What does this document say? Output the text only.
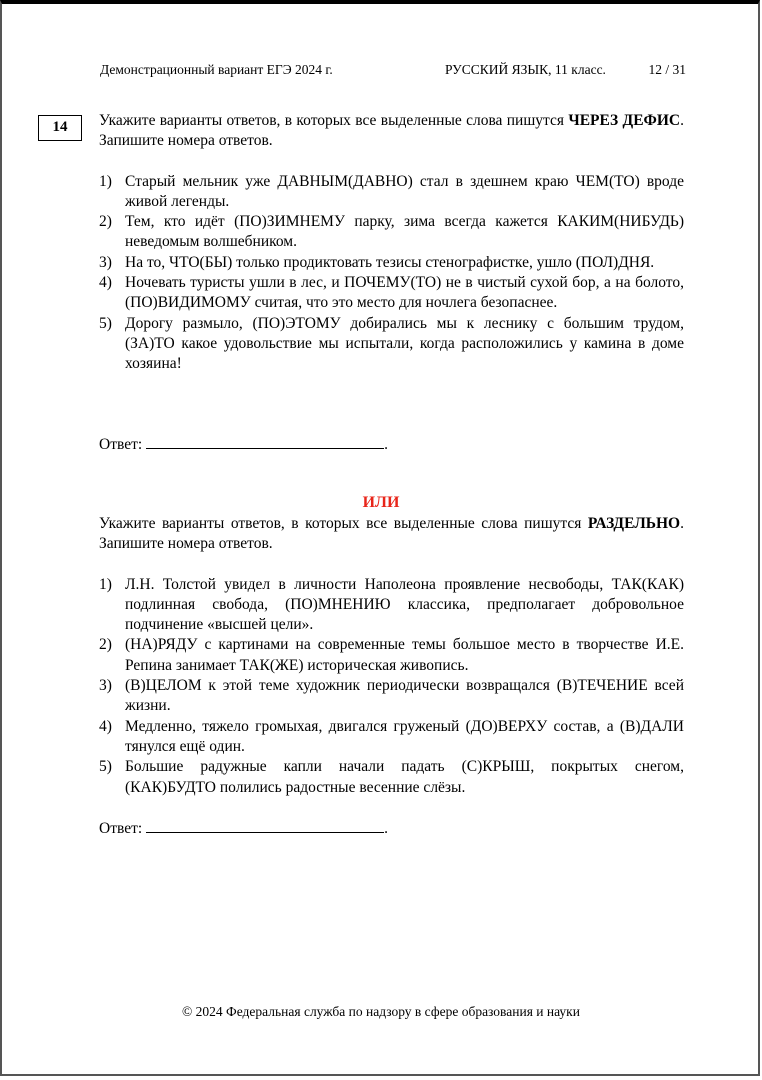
Демонстрационный вариант ЕГЭ 2024 г.	РУССКИЙ ЯЗЫК, 11 класс.	12 / 31
14	Укажите варианты ответов, в которых все выделенные слова пишутся ЧЕРЕЗ ДЕФИС. Запишите номера ответов.
1) Старый мельник уже ДАВНЫМ(ДАВНО) стал в здешнем краю ЧЕМ(ТО) вроде живой легенды.
2) Тем, кто идёт (ПО)ЗИМНЕМУ парку, зима всегда кажется КАКИМ(НИБУДЬ) неведомым волшебником.
3) На то, ЧТО(БЫ) только продиктовать тезисы стенографистке, ушло (ПОЛ)ДНЯ.
4) Ночевать туристы ушли в лес, и ПОЧЕМУ(ТО) не в чистый сухой бор, а на болото, (ПО)ВИДИМОМУ считая, что это место для ночлега безопаснее.
5) Дорогу размыло, (ПО)ЭТОМУ добирались мы к леснику с большим трудом, (ЗА)ТО какое удовольствие мы испытали, когда расположились у камина в доме хозяина!
Ответ:	.
ИЛИ
Укажите варианты ответов, в которых все выделенные слова пишутся РАЗДЕЛЬНО. Запишите номера ответов.
1) Л.Н. Толстой увидел в личности Наполеона проявление несвободы, ТАК(КАК) подлинная свобода, (ПО)МНЕНИЮ классика, предполагает добровольное подчинение «высшей цели».
2) (НА)РЯДУ с картинами на современные темы большое место в творчестве И.Е. Репина занимает ТАК(ЖЕ) историческая живопись.
3) (В)ЦЕЛОМ к этой теме художник периодически возвращался (В)ТЕЧЕНИЕ всей жизни.
4) Медленно, тяжело громыхая, двигался груженый (ДО)ВЕРХУ состав, а (В)ДАЛИ тянулся ещё один.
5) Большие радужные капли начали падать (С)КРЫШ, покрытых снегом, (КАК)БУДТО полились радостные весенние слёзы.
Ответ:	.
© 2024 Федеральная служба по надзору в сфере образования и науки
